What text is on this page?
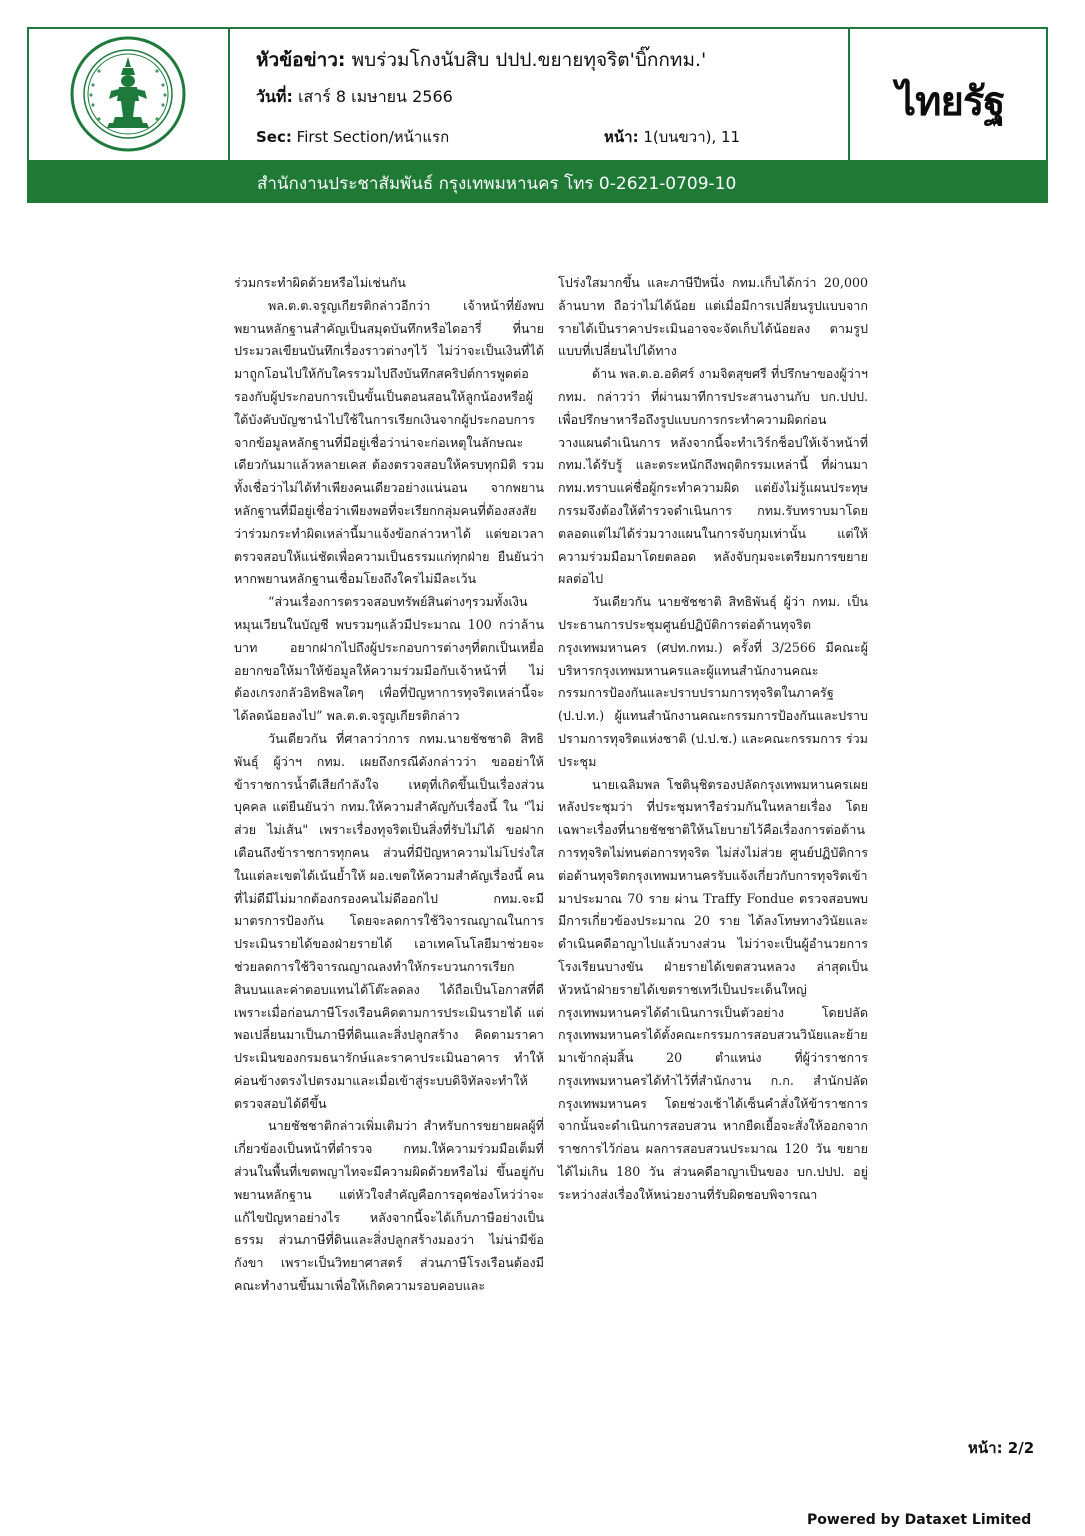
หัวข้อข่าว: พบร่วมโกงนับสิบ ปปป.ขยายทุจริต'บิ๊กกทม.'
วันที่: เสาร์ 8 เมษายน 2566
Sec: First Section/หน้าแรก	หน้า: 1(บนขวา), 11
ไทยรัฐ
สำนักงานประชาสัมพันธ์ กรุงเทพมหานคร โทร 0-2621-0709-10

ร่วมกระทำผิดด้วยหรือไม่เช่นกัน

พล.ต.ต.จรูญเกียรติกล่าวอีกว่า เจ้าหน้าที่ยังพบพยานหลักฐานสำคัญเป็นสมุดบันทึกหรือไดอารี่ ที่นายประมวลเขียนบันทึกเรื่องราวต่างๆไว้ ไม่ว่าจะเป็นเงินที่ได้มาถูกโอนไปให้กับใครรวมไปถึงบันทึกสคริปต์การพูดต่อรองกับผู้ประกอบการเป็นขั้นเป็นตอนสอนให้ลูกน้องหรือผู้ใต้บังคับบัญชานำไปใช้ในการเรียกเงินจากผู้ประกอบการ จากข้อมูลหลักฐานที่มีอยู่เชื่อว่าน่าจะก่อเหตุในลักษณะเดียวกันมาแล้วหลายเคส ต้องตรวจสอบให้ครบทุกมิติ รวมทั้งเชื่อว่าไม่ได้ทำเพียงคนเดียวอย่างแน่นอน จากพยานหลักฐานที่มีอยู่เชื่อว่าเพียงพอที่จะเรียกกลุ่มคนที่ต้องสงสัยว่าร่วมกระทำผิดเหล่านี้มาแจ้งข้อกล่าวหาได้ แต่ขอเวลาตรวจสอบให้แน่ชัดเพื่อความเป็นธรรมแก่ทุกฝ่าย ยืนยันว่าหากพยานหลักฐานเชื่อมโยงถึงใครไม่มีละเว้น

“ส่วนเรื่องการตรวจสอบทรัพย์สินต่างๆรวมทั้งเงินหมุนเวียนในบัญชี พบรวมๆแล้วมีประมาณ 100 กว่าล้านบาท อยากฝากไปถึงผู้ประกอบการต่างๆที่ตกเป็นเหยื่ออยากขอให้มาให้ข้อมูลให้ความร่วมมือกับเจ้าหน้าที่ ไม่ต้องเกรงกลัวอิทธิพลใดๆ เพื่อที่ปัญหาการทุจริตเหล่านี้จะได้ลดน้อยลงไป” พล.ต.ต.จรูญเกียรติกล่าว

วันเดียวกัน ที่ศาลาว่าการ กทม.นายชัชชาติ สิทธิพันธุ์ ผู้ว่าฯ กทม. เผยถึงกรณีดังกล่าวว่า ขออย่าให้ข้าราชการน้ำดีเสียกำลังใจ เหตุที่เกิดขึ้นเป็นเรื่องส่วนบุคคล แต่ยืนยันว่า กทม.ให้ความสำคัญกับเรื่องนี้ ใน "ไม่ส่วย ไม่เส้น" เพราะเรื่องทุจริตเป็นสิ่งที่รับไม่ได้ ขอฝากเตือนถึงข้าราชการทุกคน ส่วนที่มีปัญหาความไม่โปร่งใสในแต่ละเขตได้เน้นย้ำให้ ผอ.เขตให้ความสำคัญเรื่องนี้ คนที่ไม่ดีมีไม่มากต้องกรองคนไม่ดีออกไป กทม.จะมีมาตรการป้องกัน โดยจะลดการใช้วิจารณญาณในการประเมินรายได้ของฝ่ายรายได้ เอาเทคโนโลยีมาช่วยจะช่วยลดการใช้วิจารณญาณลงทำให้กระบวนการเรียกสินบนและค่าตอบแทนได้โต๊ะลดลง ได้ถือเป็นโอกาสที่ดี เพราะเมื่อก่อนภาษีโรงเรือนคิดตามการประเมินรายได้ แต่พอเปลี่ยนมาเป็นภาษีที่ดินและสิ่งปลูกสร้าง คิดตามราคาประเมินของกรมธนารักษ์และราคาประเมินอาคาร ทำให้ค่อนข้างตรงไปตรงมาและเมื่อเข้าสู่ระบบดิจิทัลจะทำให้ตรวจสอบได้ดีขึ้น

นายชัชชาติกล่าวเพิ่มเติมว่า สำหรับการขยายผลผู้ที่เกี่ยวข้องเป็นหน้าที่ตำรวจ กทม.ให้ความร่วมมือเต็มที่ ส่วนในพื้นที่เขตพญาไทจะมีความผิดด้วยหรือไม่ ขึ้นอยู่กับพยานหลักฐาน แต่หัวใจสำคัญคือการอุดช่องโหว่ว่าจะแก้ไขปัญหาอย่างไร หลังจากนี้จะได้เก็บภาษีอย่างเป็นธรรม ส่วนภาษีที่ดินและสิ่งปลูกสร้างมองว่า ไม่น่ามีข้อกังขา เพราะเป็นวิทยาศาสตร์ ส่วนภาษีโรงเรือนต้องมีคณะทำงานขึ้นมาเพื่อให้เกิดความรอบคอบและ

โปร่งใสมากขึ้น และภาษีปีหนึ่ง กทม.เก็บได้กว่า 20,000 ล้านบาท ถือว่าไม่ได้น้อย แต่เมื่อมีการเปลี่ยนรูปแบบจากรายได้เป็นราคาประเมินอาจจะจัดเก็บได้น้อยลง ตามรูปแบบที่เปลี่ยนไปได้ทาง

ด้าน พล.ต.อ.อดิศร์ งามจิตสุขศรี ที่ปรึกษาของผู้ว่าฯ กทม. กล่าวว่า ที่ผ่านมาทีการประสานงานกับ บก.ปปป. เพื่อปรึกษาหารือถึงรูปแบบการกระทำความผิดก่อนวางแผนดำเนินการ หลังจากนี้จะทำเวิร์กช็อปให้เจ้าหน้าที่ กทม.ได้รับรู้ และตระหนักถึงพฤติกรรมเหล่านี้ ที่ผ่านมา กทม.ทราบแค่ชื่อผู้กระทำความผิด แต่ยังไม่รู้แผนประทุษกรรมจึงต้องให้ตำรวจดำเนินการ กทม.รับทราบมาโดยตลอดแต่ไม่ได้ร่วมวางแผนในการจับกุมเท่านั้น แต่ให้ความร่วมมือมาโดยตลอด หลังจับกุมจะเตรียมการขยายผลต่อไป

วันเดียวกัน นายชัชชาติ สิทธิพันธุ์ ผู้ว่า กทม. เป็นประธานการประชุมศูนย์ปฏิบัติการต่อต้านทุจริตกรุงเทพมหานคร (ศปท.กทม.) ครั้งที่ 3/2566 มีคณะผู้บริหารกรุงเทพมหานครและผู้แทนสำนักงานคณะกรรมการป้องกันและปราบปรามการทุจริตในภาครัฐ (ป.ป.ท.) ผู้แทนสำนักงานคณะกรรมการป้องกันและปราบปรามการทุจริตแห่งชาติ (ป.ป.ช.) และคณะกรรมการ ร่วมประชุม

นายเฉลิมพล โชตินุชิตรองปลัดกรุงเทพมหานครเผยหลังประชุมว่า ที่ประชุมหารือร่วมกันในหลายเรื่อง โดยเฉพาะเรื่องที่นายชัชชาติให้นโยบายไว้คือเรื่องการต่อต้านการทุจริตไม่ทนต่อการทุจริต ไม่ส่งไม่ส่วย ศูนย์ปฏิบัติการต่อต้านทุจริตกรุงเทพมหานครรับแจ้งเกี่ยวกับการทุจริตเข้ามาประมาณ 70 ราย ผ่าน Traffy Fondue ตรวจสอบพบมีการเกี่ยวข้องประมาณ 20 ราย ได้ลงโทษทางวินัยและดำเนินคดีอาญาไปแล้วบางส่วน ไม่ว่าจะเป็นผู้อำนวยการ โรงเรียนบางขัน ฝ่ายรายได้เขตสวนหลวง ล่าสุดเป็นหัวหน้าฝ่ายรายได้เขตราชเทวีเป็นประเด็นใหญ่ กรุงเทพมหานครได้ดำเนินการเป็นตัวอย่าง โดยปลัดกรุงเทพมหานครได้ตั้งคณะกรรมการสอบสวนวินัยและย้ายมาเข้ากลุ่มสิ้น 20 ตำแหน่ง ที่ผู้ว่าราชการกรุงเทพมหานครได้ทำไว้ที่สำนักงาน ก.ก. สำนักปลัดกรุงเทพมหานคร โดยช่วงเช้าได้เซ็นคำสั่งให้ข้าราชการจากนั้นจะดำเนินการสอบสวน หากยืดเยื้อจะสั่งให้ออกจากราชการไว้ก่อน ผลการสอบสวนประมาณ 120 วัน ขยายได้ไม่เกิน 180 วัน ส่วนคดีอาญาเป็นของ บก.ปปป. อยู่ระหว่างส่งเรื่องให้หน่วยงานที่รับผิดชอบพิจารณา

หน้า: 2/2
Powered by Dataxet Limited
